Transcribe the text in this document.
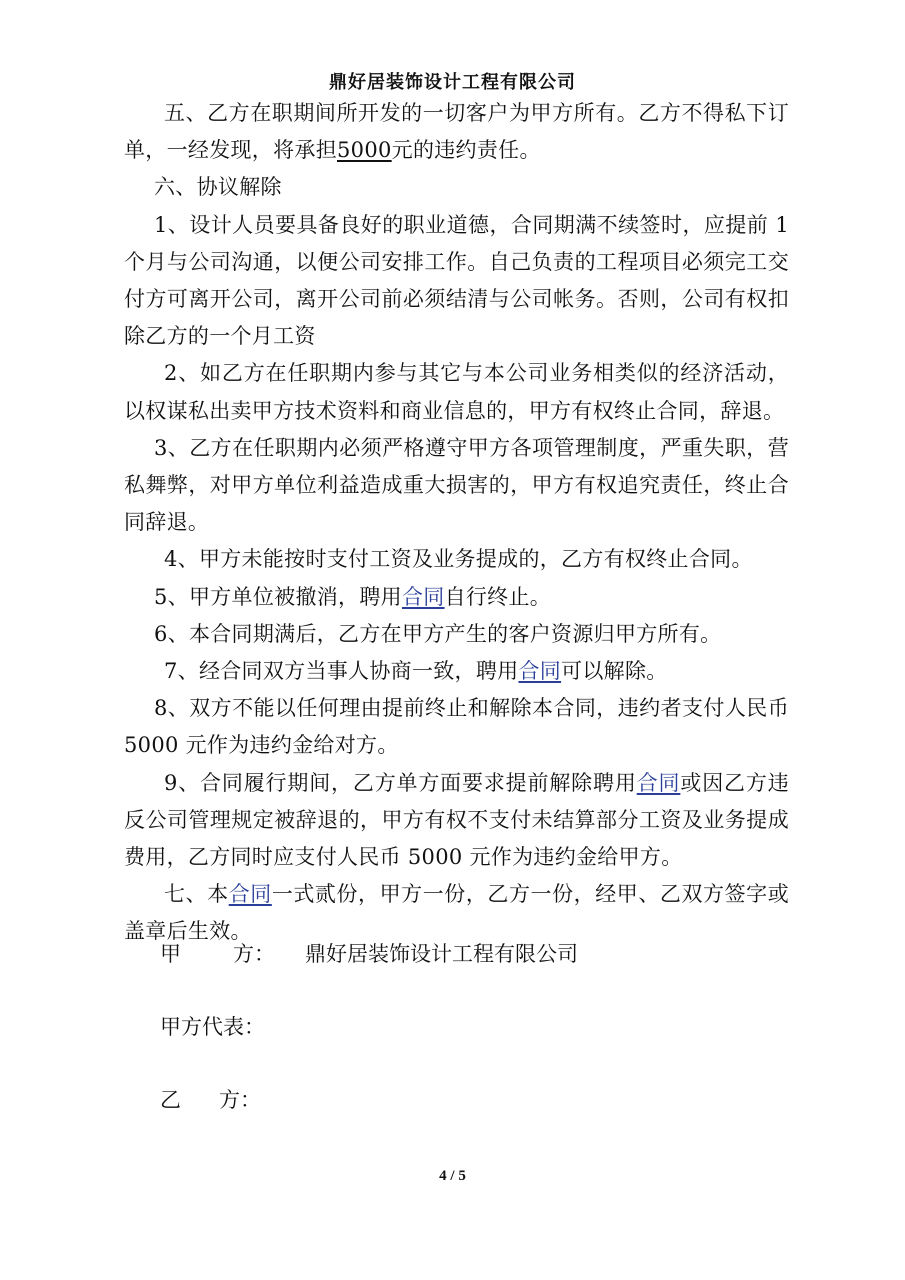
鼎好居装饰设计工程有限公司

五、乙方在职期间所开发的一切客户为甲方所有。乙方不得私下订单，一经发现，将承担5000元的违约责任。

六、协议解除

1、设计人员要具备良好的职业道德，合同期满不续签时，应提前 1 个月与公司沟通，以便公司安排工作。自己负责的工程项目必须完工交付方可离开公司，离开公司前必须结清与公司帐务。否则，公司有权扣除乙方的一个月工资

2、如乙方在任职期内参与其它与本公司业务相类似的经济活动，以权谋私出卖甲方技术资料和商业信息的，甲方有权终止合同，辞退。

3、乙方在任职期内必须严格遵守甲方各项管理制度，严重失职，营私舞弊，对甲方单位利益造成重大损害的，甲方有权追究责任，终止合同辞退。

4、甲方未能按时支付工资及业务提成的，乙方有权终止合同。

5、甲方单位被撤消，聘用合同自行终止。

6、本合同期满后，乙方在甲方产生的客户资源归甲方所有。

7、经合同双方当事人协商一致，聘用合同可以解除。

8、双方不能以任何理由提前终止和解除本合同，违约者支付人民币 5000 元作为违约金给对方。

9、合同履行期间，乙方单方面要求提前解除聘用合同或因乙方违反公司管理规定被辞退的，甲方有权不支付未结算部分工资及业务提成费用，乙方同时应支付人民币 5000 元作为违约金给甲方。

七、本合同一式贰份，甲方一份，乙方一份，经甲、乙双方签字或盖章后生效。

甲 方： 鼎好居装饰设计工程有限公司
甲方代表：
乙 方：
4 / 5
